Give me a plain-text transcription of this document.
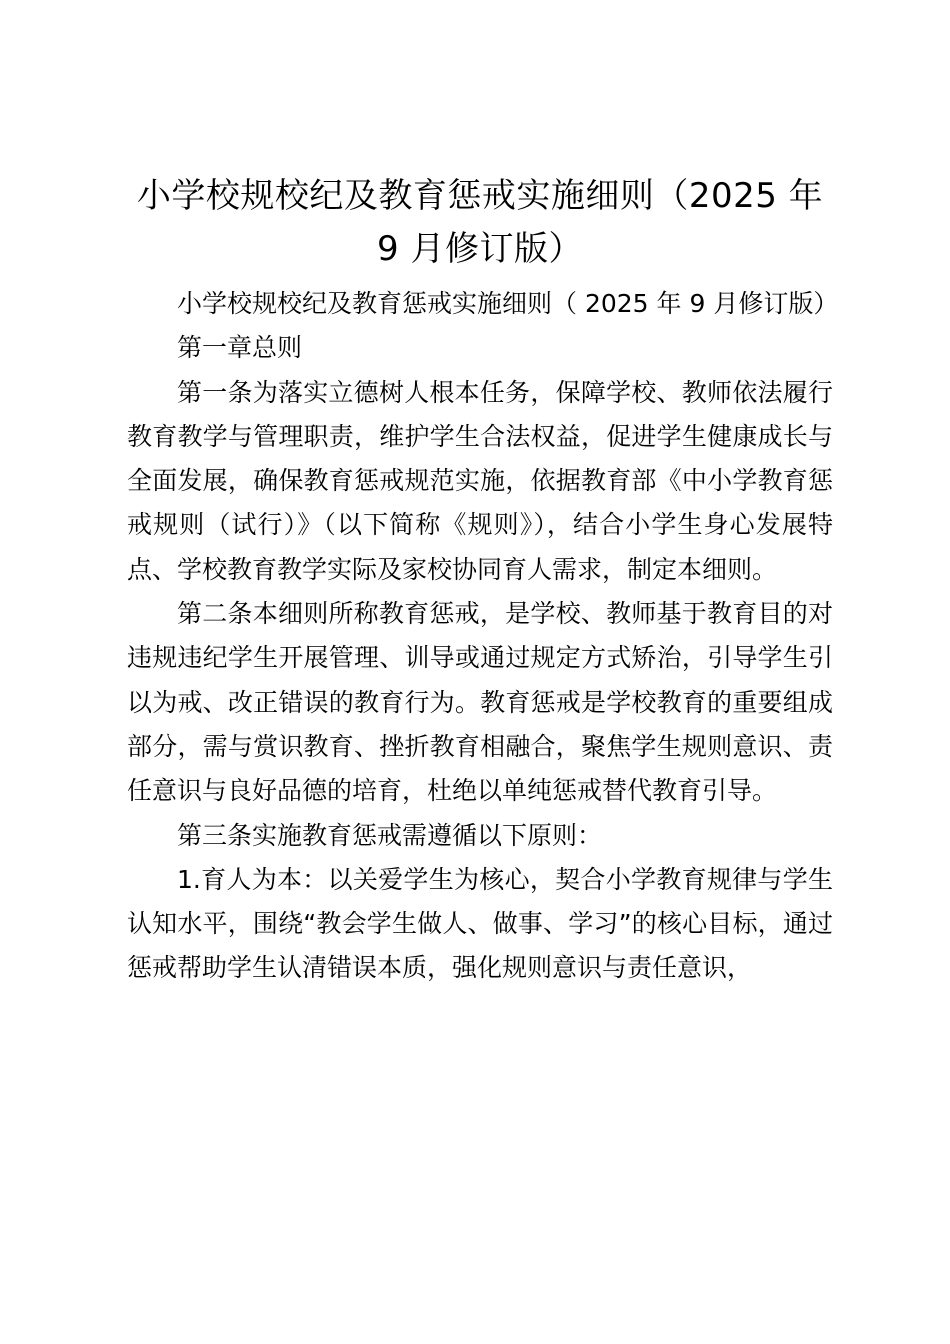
小学校规校纪及教育惩戒实施细则（2025 年 9 月修订版）

小学校规校纪及教育惩戒实施细则（ 2025 年 9 月修订版）

第一章总则

第一条为落实立德树人根本任务，保障学校、教师依法履行教育教学与管理职责，维护学生合法权益，促进学生健康成长与全面发展，确保教育惩戒规范实施，依据教育部《中小学教育惩戒规则（试行）》（以下简称《规则》），结合小学生身心发展特点、学校教育教学实际及家校协同育人需求，制定本细则。

第二条本细则所称教育惩戒，是学校、教师基于教育目的对违规违纪学生开展管理、训导或通过规定方式矫治，引导学生引以为戒、改正错误的教育行为。教育惩戒是学校教育的重要组成部分，需与赏识教育、挫折教育相融合，聚焦学生规则意识、责任意识与良好品德的培育，杜绝以单纯惩戒替代教育引导。

第三条实施教育惩戒需遵循以下原则：

1.育人为本：以关爱学生为核心，契合小学教育规律与学生认知水平，围绕“教会学生做人、做事、学习”的核心目标，通过惩戒帮助学生认清错误本质，强化规则意识与责任意识，
